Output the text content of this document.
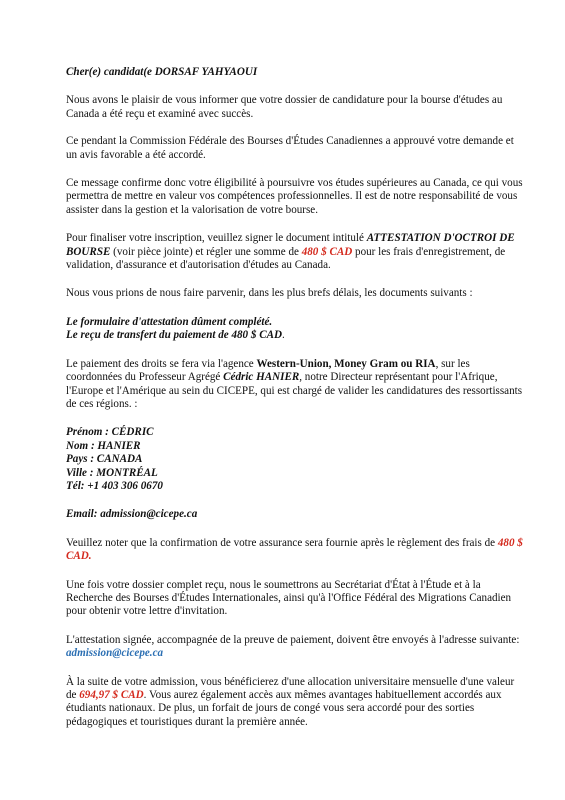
Cher(e) candidat(e DORSAF YAHYAOUI

Nous avons le plaisir de vous informer que votre dossier de candidature pour la bourse d'études au Canada a été reçu et examiné avec succès.

Ce pendant la Commission Fédérale des Bourses d'Études Canadiennes a approuvé votre demande et un avis favorable a été accordé.

Ce message confirme donc votre éligibilité à poursuivre vos études supérieures au Canada, ce qui vous permettra de mettre en valeur vos compétences professionnelles. Il est de notre responsabilité de vous assister dans la gestion et la valorisation de votre bourse.

Pour finaliser votre inscription, veuillez signer le document intitulé ATTESTATION D'OCTROI DE BOURSE (voir pièce jointe) et régler une somme de 480 $ CAD pour les frais d'enregistrement, de validation, d'assurance et d'autorisation d'études au Canada.

Nous vous prions de nous faire parvenir, dans les plus brefs délais, les documents suivants :

Le formulaire d'attestation dûment complété.

Le reçu de transfert du paiement de 480 $ CAD.

Le paiement des droits se fera via l'agence Western-Union, Money Gram ou RIA, sur les coordonnées du Professeur Agrégé Cédric HANIER, notre Directeur représentant pour l'Afrique, l'Europe et l'Amérique au sein du CICEPE, qui est chargé de valider les candidatures des ressortissants de ces régions. :

Prénom : CÉDRIC

Nom : HANIER

Pays : CANADA

Ville : MONTRÉAL

Tél: +1 403 306 0670

Email: admission@cicepe.ca

Veuillez noter que la confirmation de votre assurance sera fournie après le règlement des frais de 480 $ CAD.

Une fois votre dossier complet reçu, nous le soumettrons au Secrétariat d'État à l'Étude et à la Recherche des Bourses d'Études Internationales, ainsi qu'à l'Office Fédéral des Migrations Canadien pour obtenir votre lettre d'invitation.

L'attestation signée, accompagnée de la preuve de paiement, doivent être envoyés à l'adresse suivante: admission@cicepe.ca

À la suite de votre admission, vous bénéficierez d'une allocation universitaire mensuelle d'une valeur de 694,97 $ CAD. Vous aurez également accès aux mêmes avantages habituellement accordés aux étudiants nationaux. De plus, un forfait de jours de congé vous sera accordé pour des sorties pédagogiques et touristiques durant la première année.
